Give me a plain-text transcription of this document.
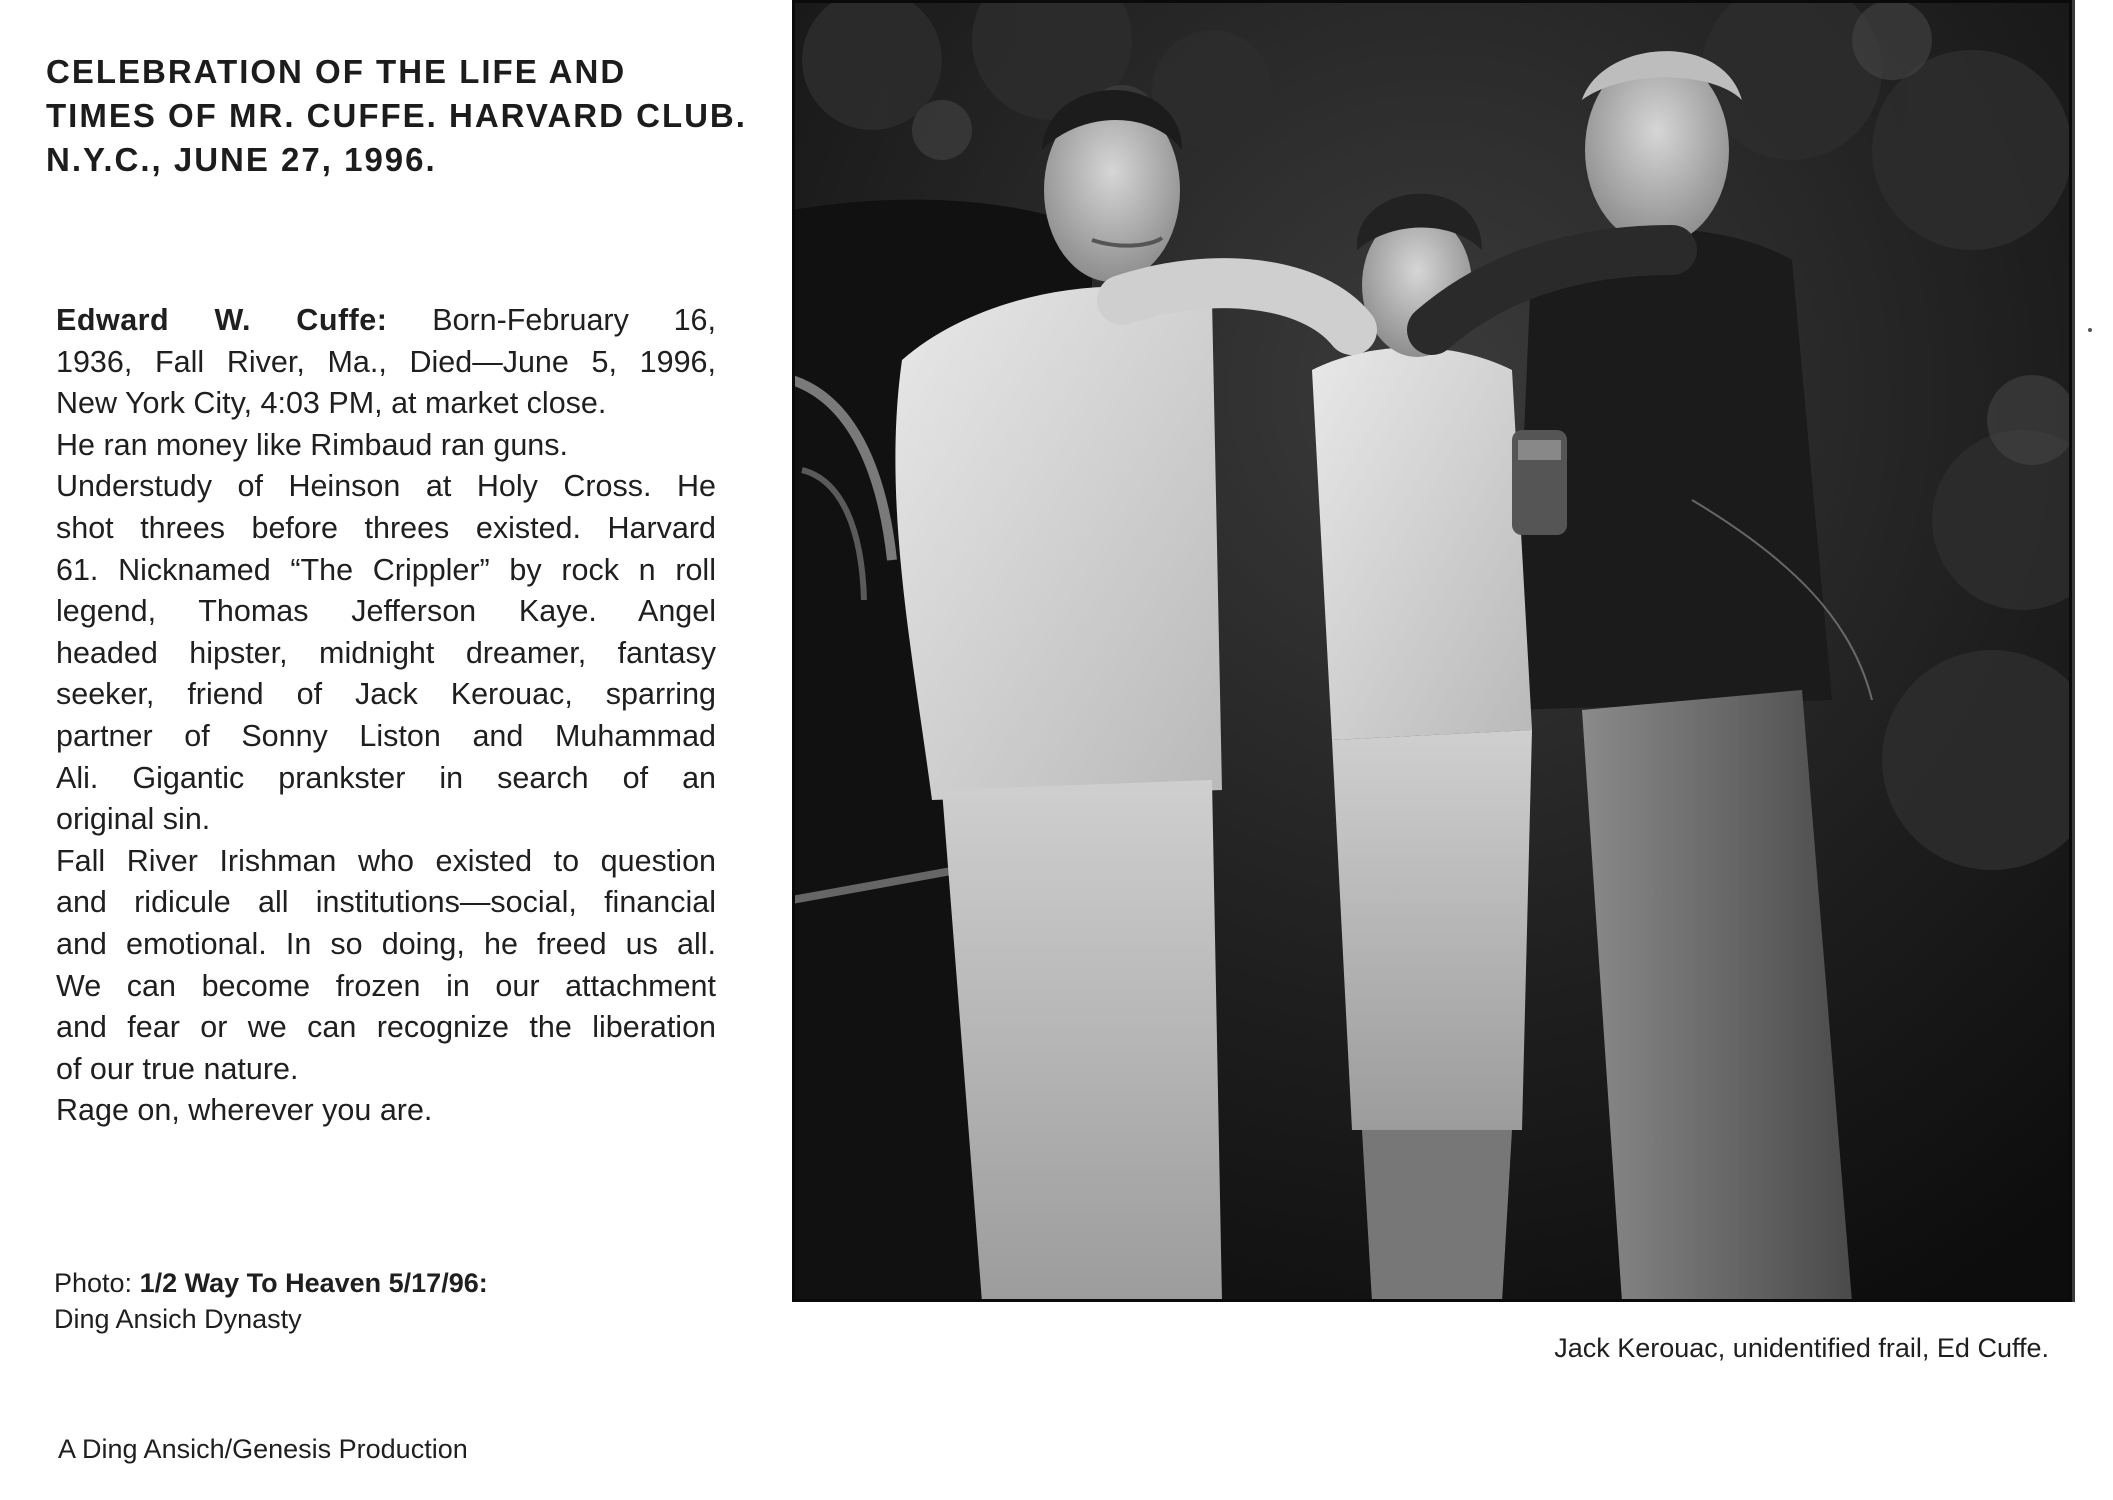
CELEBRATION OF THE LIFE AND
TIMES OF MR. CUFFE. HARVARD CLUB.
N.Y.C., JUNE 27, 1996.
Edward W. Cuffe: Born-February 16,
1936, Fall River, Ma., Died—June 5, 1996,
New York City, 4:03 PM, at market close.
He ran money like Rimbaud ran guns.
Understudy of Heinson at Holy Cross. He
shot threes before threes existed. Harvard
61. Nicknamed “The Crippler” by rock n roll
legend, Thomas Jefferson Kaye. Angel
headed hipster, midnight dreamer, fantasy
seeker, friend of Jack Kerouac, sparring
partner of Sonny Liston and Muhammad
Ali. Gigantic prankster in search of an
original sin.
Fall River Irishman who existed to question
and ridicule all institutions—social, financial
and emotional. In so doing, he freed us all.
We can become frozen in our attachment
and fear or we can recognize the liberation
of our true nature.
Rage on, wherever you are.
Photo: 1/2 Way To Heaven 5/17/96:
Ding Ansich Dynasty
A Ding Ansich/Genesis Production
Jack Kerouac, unidentified frail, Ed Cuffe.
